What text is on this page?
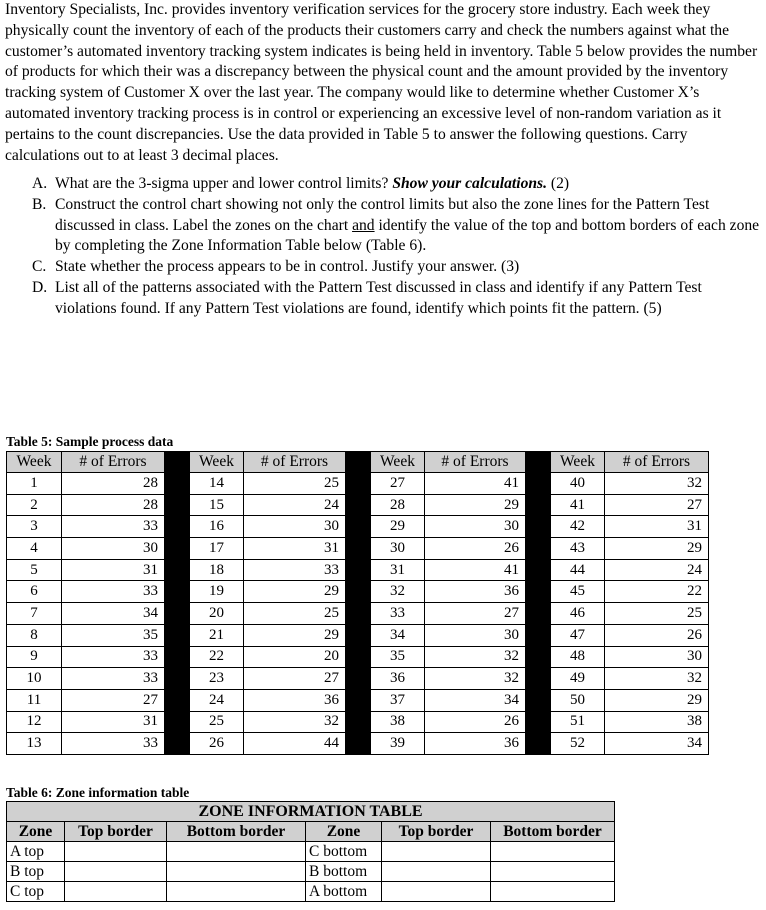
Inventory Specialists, Inc. provides inventory verification services for the grocery store industry. Each week they physically count the inventory of each of the products their customers carry and check the numbers against what the customer’s automated inventory tracking system indicates is being held in inventory. Table 5 below provides the number of products for which their was a discrepancy between the physical count and the amount provided by the inventory tracking system of Customer X over the last year. The company would like to determine whether Customer X’s automated inventory tracking process is in control or experiencing an excessive level of non-random variation as it pertains to the count discrepancies. Use the data provided in Table 5 to answer the following questions. Carry calculations out to at least 3 decimal places.
A. What are the 3-sigma upper and lower control limits? Show your calculations. (2)
B. Construct the control chart showing not only the control limits but also the zone lines for the Pattern Test discussed in class. Label the zones on the chart and identify the value of the top and bottom borders of each zone by completing the Zone Information Table below (Table 6).
C. State whether the process appears to be in control. Justify your answer. (3)
D. List all of the patterns associated with the Pattern Test discussed in class and identify if any Pattern Test violations found. If any Pattern Test violations are found, identify which points fit the pattern. (5)
Table 5: Sample process data
Week	# of Errors		Week	# of Errors		Week	# of Errors		Week	# of Errors
1	28		14	25		27	41		40	32
2	28		15	24		28	29		41	27
3	33		16	30		29	30		42	31
4	30		17	31		30	26		43	29
5	31		18	33		31	41		44	24
6	33		19	29		32	36		45	22
7	34		20	25		33	27		46	25
8	35		21	29		34	30		47	26
9	33		22	20		35	32		48	30
10	33		23	27		36	32		49	32
11	27		24	36		37	34		50	29
12	31		25	32		38	26		51	38
13	33		26	44		39	36		52	34
Table 6: Zone information table
ZONE INFORMATION TABLE					
Zone	Top border	Bottom border	Zone	Top border	Bottom border
A top			C bottom		
B top			B bottom		
C top			A bottom		
